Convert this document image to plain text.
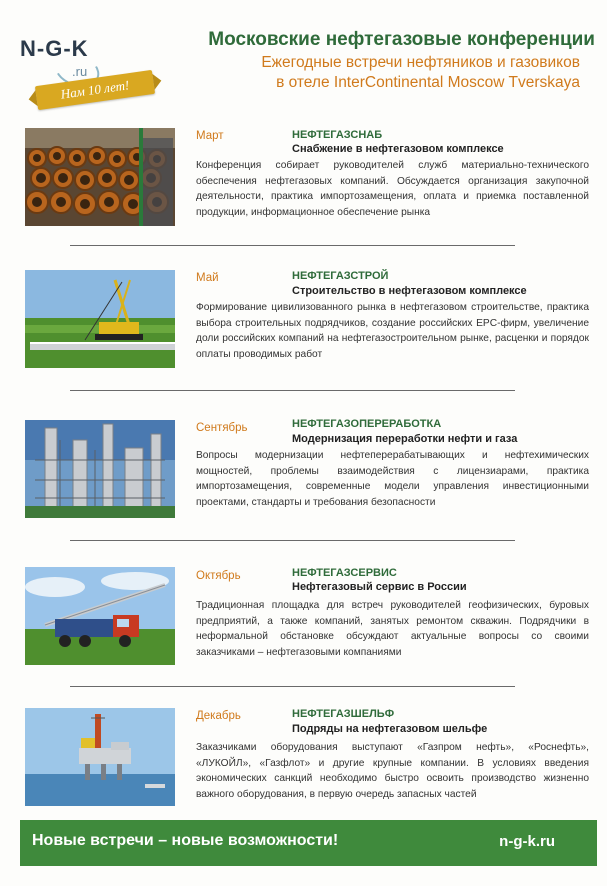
N-G-K
.ru
Нам 10 лет!
Московские нефтегазовые конференции
Ежегодные встречи нефтяников и газовиков
в отеле InterContinental Moscow Tverskaya
Март	НЕФТЕГАЗСНАБ
Снабжение в нефтегазовом комплексе
Конференция собирает руководителей служб материально-технического обеспечения нефтегазовых компаний. Обсуждается организация закупочной деятельности, практика импортозамещения, оплата и приемка поставленной продукции, информационное обеспечение рынка
Май	НЕФТЕГАЗСТРОЙ
Строительство в нефтегазовом комплексе
Формирование цивилизованного рынка в нефтегазовом строительстве, практика выбора строительных подрядчиков, создание российских EPC-фирм, увеличение доли российских компаний на нефтегазостроительном рынке, расценки и порядок оплаты проводимых работ
Сентябрь	НЕФТЕГАЗОПЕРЕРАБОТКА
Модернизация переработки нефти и газа
Вопросы модернизации нефтеперерабатывающих и нефтехимических мощностей, проблемы взаимодействия с лицензиарами, практика импортозамещения, современные модели управления инвестиционными проектами, стандарты и требования безопасности
Октябрь	НЕФТЕГАЗСЕРВИС
Нефтегазовый сервис в России
Традиционная площадка для встреч руководителей геофизических, буровых предприятий, а также компаний, занятых ремонтом скважин. Подрядчики в неформальной обстановке обсуждают актуальные вопросы со своими заказчиками – нефтегазовыми компаниями
Декабрь	НЕФТЕГАЗШЕЛЬФ
Подряды на нефтегазовом шельфе
Заказчиками оборудования выступают «Газпром нефть», «Роснефть», «ЛУКОЙЛ», «Газфлот» и другие крупные компании. В условиях введения экономических санкций необходимо быстро освоить производство жизненно важного оборудования, в первую очередь запасных частей
Новые встречи – новые возможности!	n-g-k.ru
